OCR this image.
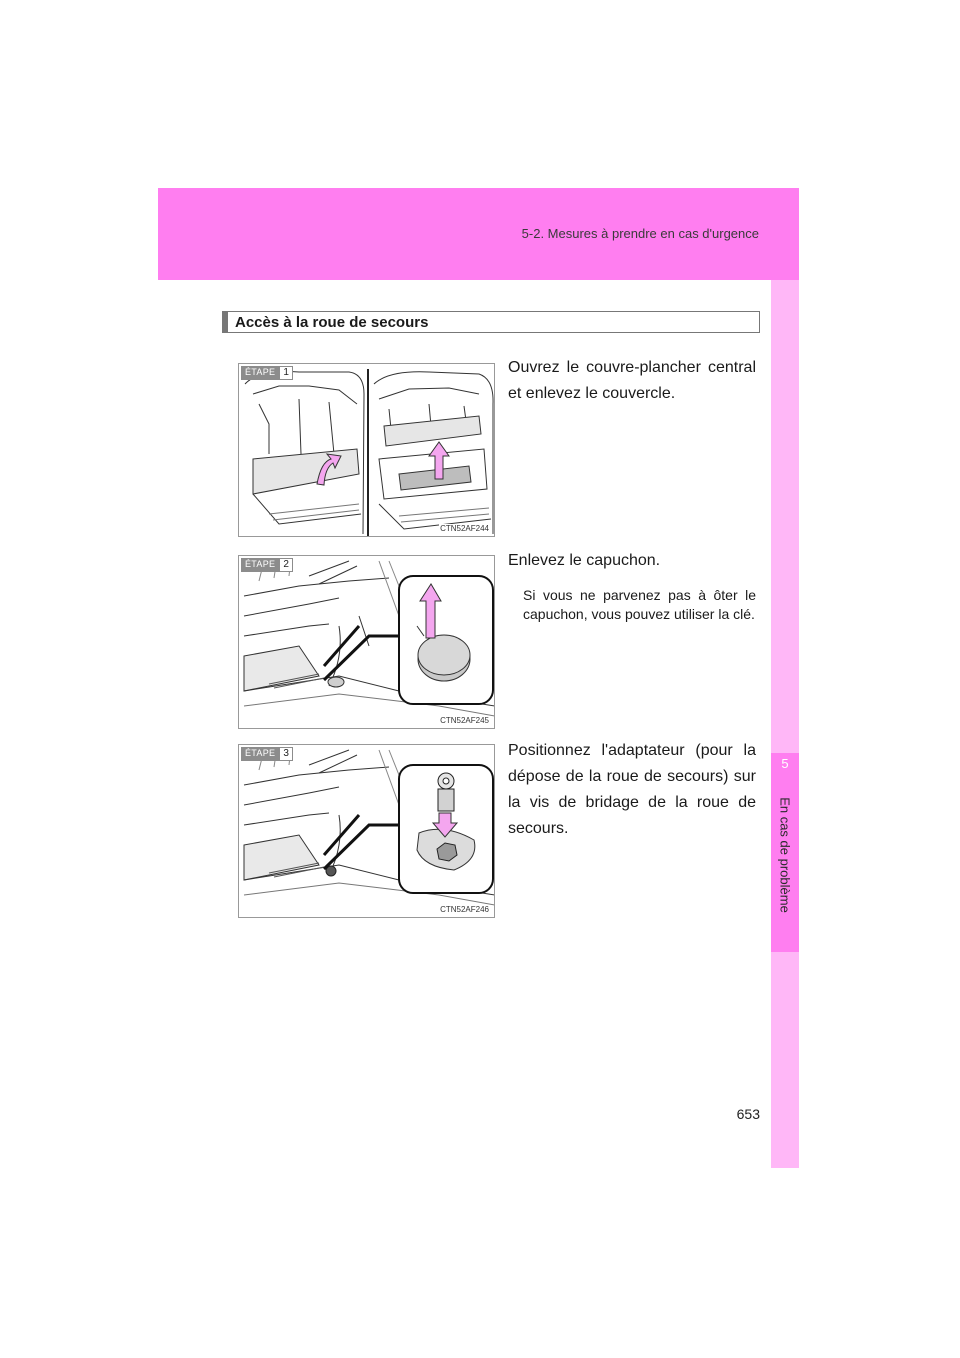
5-2. Mesures à prendre en cas d'urgence
5
En cas de problème
Accès à la roue de secours
ÉTAPE 1
CTN52AF244
Ouvrez le couvre-plancher central et enlevez le couvercle.
ÉTAPE 2
CTN52AF245
Enlevez le capuchon.
Si vous ne parvenez pas à ôter le capuchon, vous pouvez utiliser la clé.
ÉTAPE 3
CTN52AF246
Positionnez l'adaptateur (pour la dépose de la roue de secours) sur la vis de bridage de la roue de secours.
653
